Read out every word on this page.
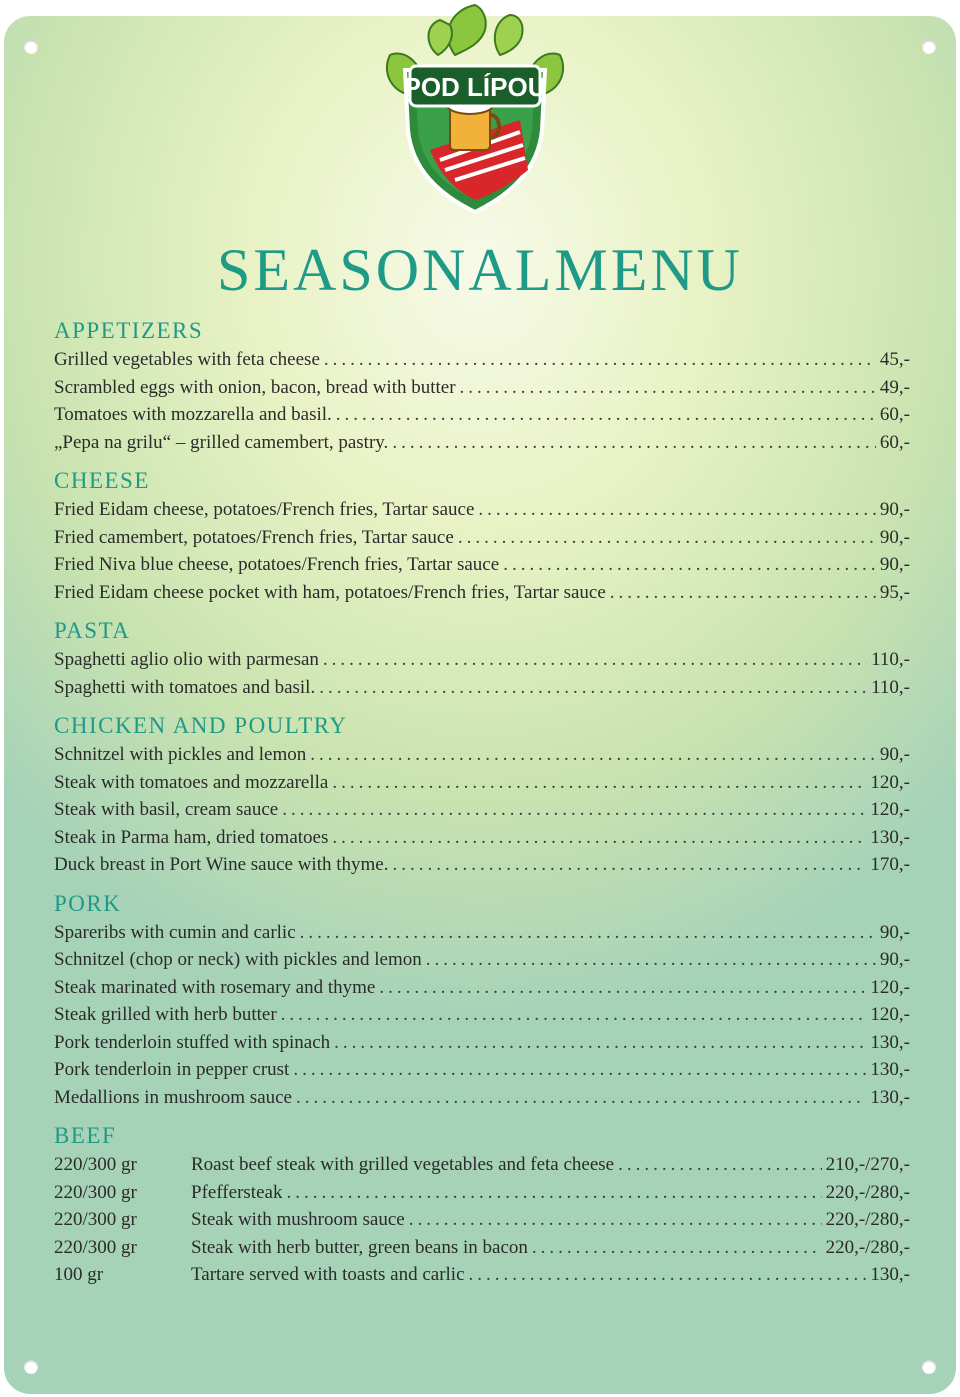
POD LÍPOU
SEASONALMENU
APPETIZERS
Grilled vegetables with feta cheese .....	45,-
Scrambled eggs with onion, bacon, bread with butter .....	49,-
Tomatoes with mozzarella and basil. .....	60,-
„Pepa na grilu“ – grilled camembert, pastry. .....	60,-
CHEESE
Fried Eidam cheese, potatoes/French fries, Tartar sauce .....	90,-
Fried camembert, potatoes/French fries, Tartar sauce .....	90,-
Fried Niva blue cheese, potatoes/French fries, Tartar sauce .....	90,-
Fried Eidam cheese pocket with ham, potatoes/French fries, Tartar sauce .....	95,-
PASTA
Spaghetti aglio olio with parmesan .....	110,-
Spaghetti with tomatoes and basil. .....	110,-
CHICKEN AND POULTRY
Schnitzel with pickles and lemon .....	90,-
Steak with tomatoes and mozzarella .....	120,-
Steak with basil, cream sauce .....	120,-
Steak in Parma ham, dried tomatoes .....	130,-
Duck breast in Port Wine sauce with thyme. .....	170,-
PORK
Spareribs with cumin and carlic .....	90,-
Schnitzel (chop or neck) with pickles and lemon .....	90,-
Steak marinated with rosemary and thyme .....	120,-
Steak grilled with herb butter .....	120,-
Pork tenderloin stuffed with spinach .....	130,-
Pork tenderloin in pepper crust .....	130,-
Medallions in mushroom sauce .....	130,-
BEEF
220/300 gr	Roast beef steak with grilled vegetables and feta cheese .....	210,-/270,-
220/300 gr	Pfeffersteak .....	220,-/280,-
220/300 gr	Steak with mushroom sauce .....	220,-/280,-
220/300 gr	Steak with herb butter, green beans in bacon .....	220,-/280,-
100 gr	Tartare served with toasts and carlic .....	130,-
